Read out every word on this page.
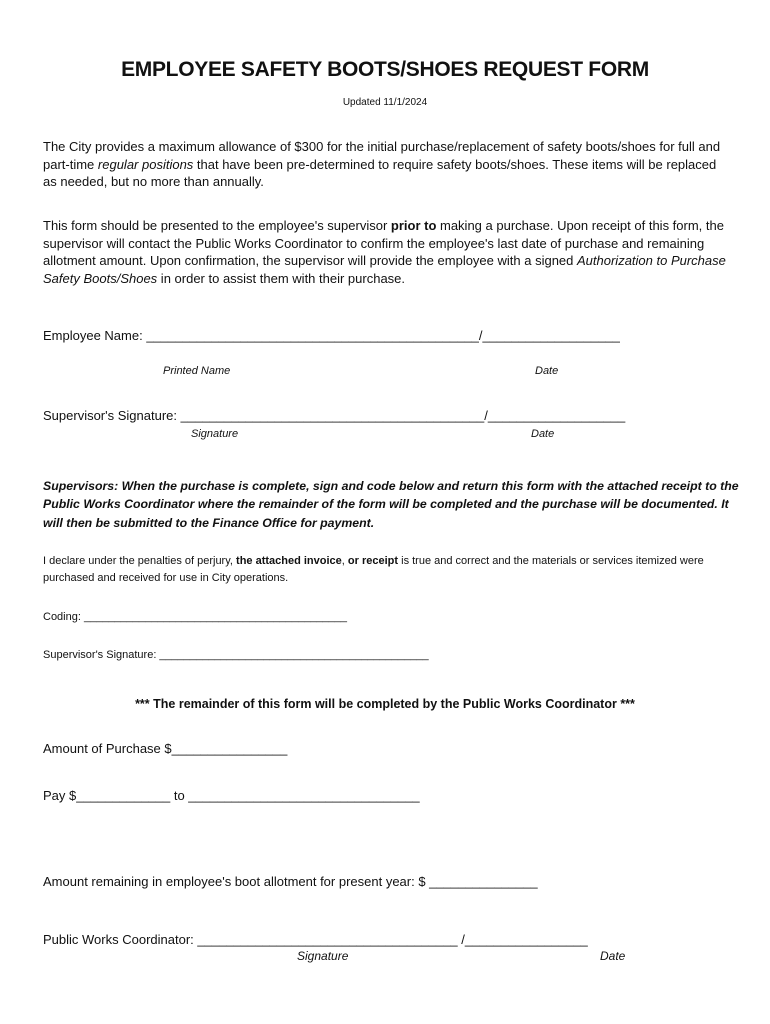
EMPLOYEE SAFETY BOOTS/SHOES REQUEST FORM
Updated 11/1/2024
The City provides a maximum allowance of $300 for the initial purchase/replacement of safety boots/shoes for full and part-time regular positions that have been pre-determined to require safety boots/shoes. These items will be replaced as needed, but no more than annually.
This form should be presented to the employee's supervisor prior to making a purchase. Upon receipt of this form, the supervisor will contact the Public Works Coordinator to confirm the employee's last date of purchase and remaining allotment amount. Upon confirmation, the supervisor will provide the employee with a signed Authorization to Purchase Safety Boots/Shoes in order to assist them with their purchase.
Employee Name: ______________________________________________/___________________
Printed Name	Date
Supervisor's Signature: __________________________________________/___________________
Signature	Date
Supervisors: When the purchase is complete, sign and code below and return this form with the attached receipt to the Public Works Coordinator where the remainder of the form will be completed and the purchase will be documented. It will then be submitted to the Finance Office for payment.
I declare under the penalties of perjury, the attached invoice, or receipt is true and correct and the materials or services itemized were purchased and received for use in City operations.
Coding: ___________________________________________
Supervisor's Signature: ____________________________________________
*** The remainder of this form will be completed by the Public Works Coordinator ***
Amount of Purchase $________________
Pay $_____________ to ________________________________
Amount remaining in employee's boot allotment for present year: $ _______________
Public Works Coordinator: ____________________________________ /_________________
Signature	Date
